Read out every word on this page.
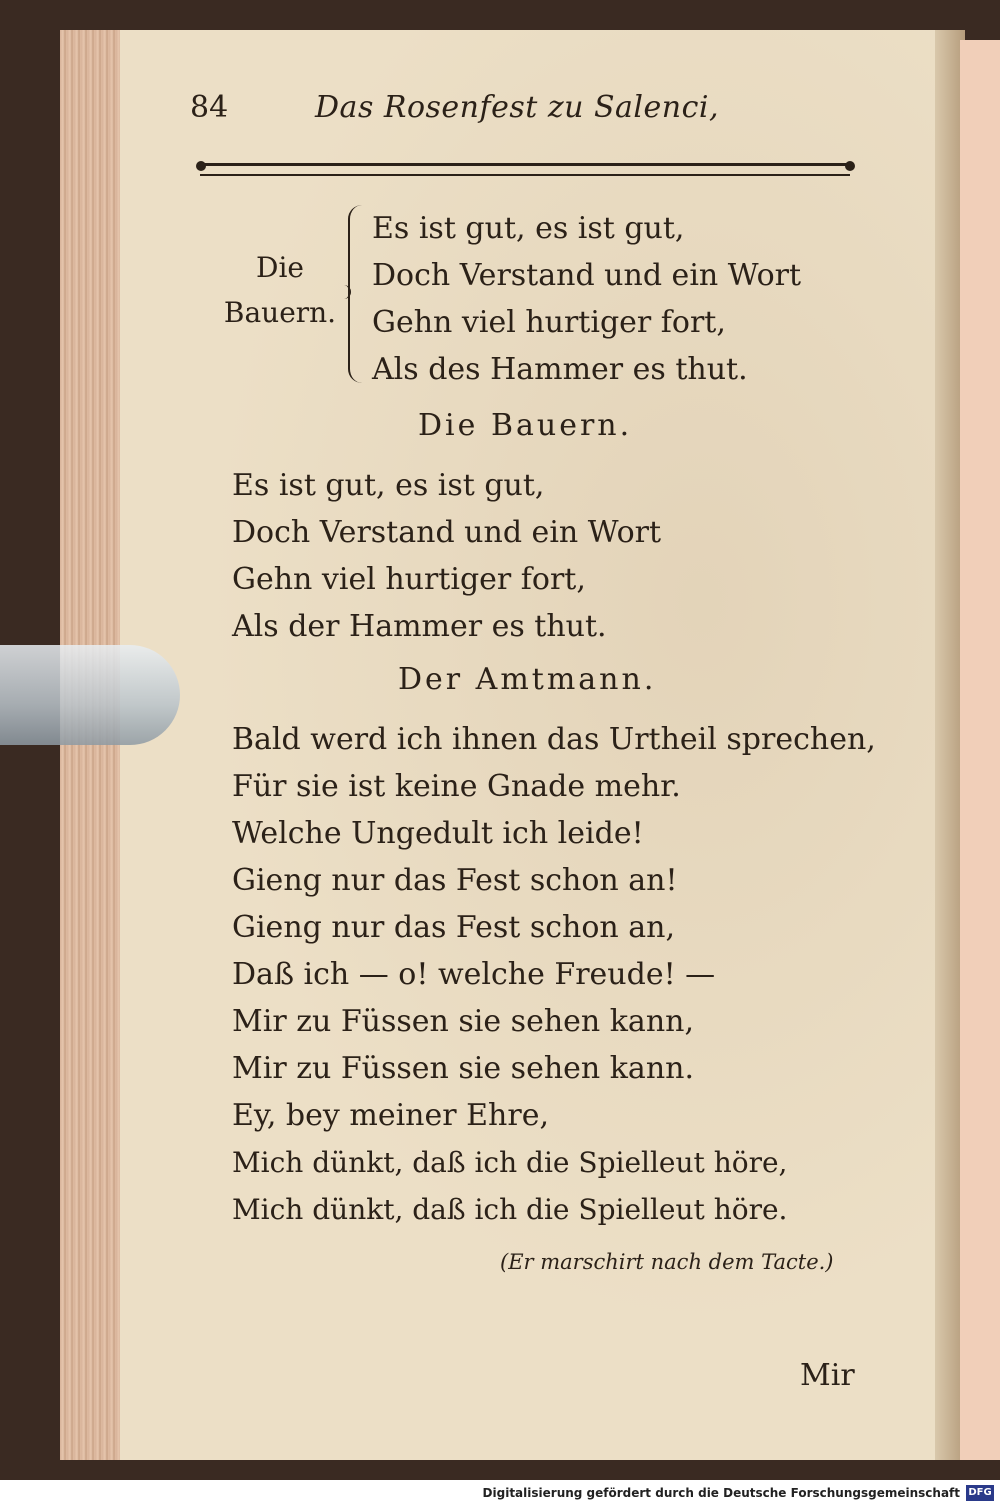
84	Das Rosenfest zu Salenci,
Die
Bauern.
Es ist gut, es ist gut,
Doch Verstand und ein Wort
Gehn viel hurtiger fort,
Als des Hammer es thut.
Die Bauern.
Es ist gut, es ist gut,
Doch Verstand und ein Wort
Gehn viel hurtiger fort,
Als der Hammer es thut.
Der Amtmann.
Bald werd ich ihnen das Urtheil sprechen,
Für sie ist keine Gnade mehr.
Welche Ungedult ich leide!
Gieng nur das Fest schon an!
Gieng nur das Fest schon an,
Daß ich — o! welche Freude! —
Mir zu Füssen sie sehen kann,
Mir zu Füssen sie sehen kann.
Ey, bey meiner Ehre,
Mich dünkt, daß ich die Spielleut höre,
Mich dünkt, daß ich die Spielleut höre.
(Er marschirt nach dem Tacte.)
Mir
Digitalisierung gefördert durch die Deutsche Forschungsgemeinschaft DFG
